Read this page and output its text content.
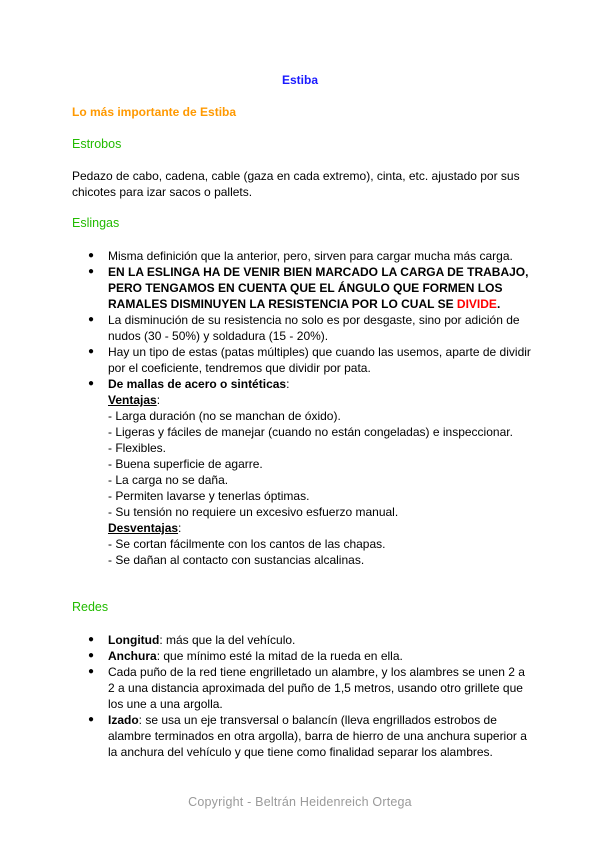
Estiba
Lo más importante de Estiba
Estrobos
Pedazo de cabo, cadena, cable (gaza en cada extremo), cinta, etc. ajustado por sus chicotes para izar sacos o pallets.
Eslingas
● Misma definición que la anterior, pero, sirven para cargar mucha más carga.
● EN LA ESLINGA HA DE VENIR BIEN MARCADO LA CARGA DE TRABAJO, PERO TENGAMOS EN CUENTA QUE EL ÁNGULO QUE FORMEN LOS RAMALES DISMINUYEN LA RESISTENCIA POR LO CUAL SE DIVIDE.
● La disminución de su resistencia no solo es por desgaste, sino por adición de nudos (30 - 50%) y soldadura (15 - 20%).
● Hay un tipo de estas (patas múltiples) que cuando las usemos, aparte de dividir por el coeficiente, tendremos que dividir por pata.
● De mallas de acero o sintéticas:
Ventajas:
- Larga duración (no se manchan de óxido).
- Ligeras y fáciles de manejar (cuando no están congeladas) e inspeccionar.
- Flexibles.
- Buena superficie de agarre.
- La carga no se daña.
- Permiten lavarse y tenerlas óptimas.
- Su tensión no requiere un excesivo esfuerzo manual.
Desventajas:
- Se cortan fácilmente con los cantos de las chapas.
- Se dañan al contacto con sustancias alcalinas.
Redes
● Longitud: más que la del vehículo.
● Anchura: que mínimo esté la mitad de la rueda en ella.
● Cada puño de la red tiene engrilletado un alambre, y los alambres se unen 2 a 2 a una distancia aproximada del puño de 1,5 metros, usando otro grillete que los une a una argolla.
● Izado: se usa un eje transversal o balancín (lleva engrillados estrobos de alambre terminados en otra argolla), barra de hierro de una anchura superior a la anchura del vehículo y que tiene como finalidad separar los alambres.
Copyright - Beltrán Heidenreich Ortega
